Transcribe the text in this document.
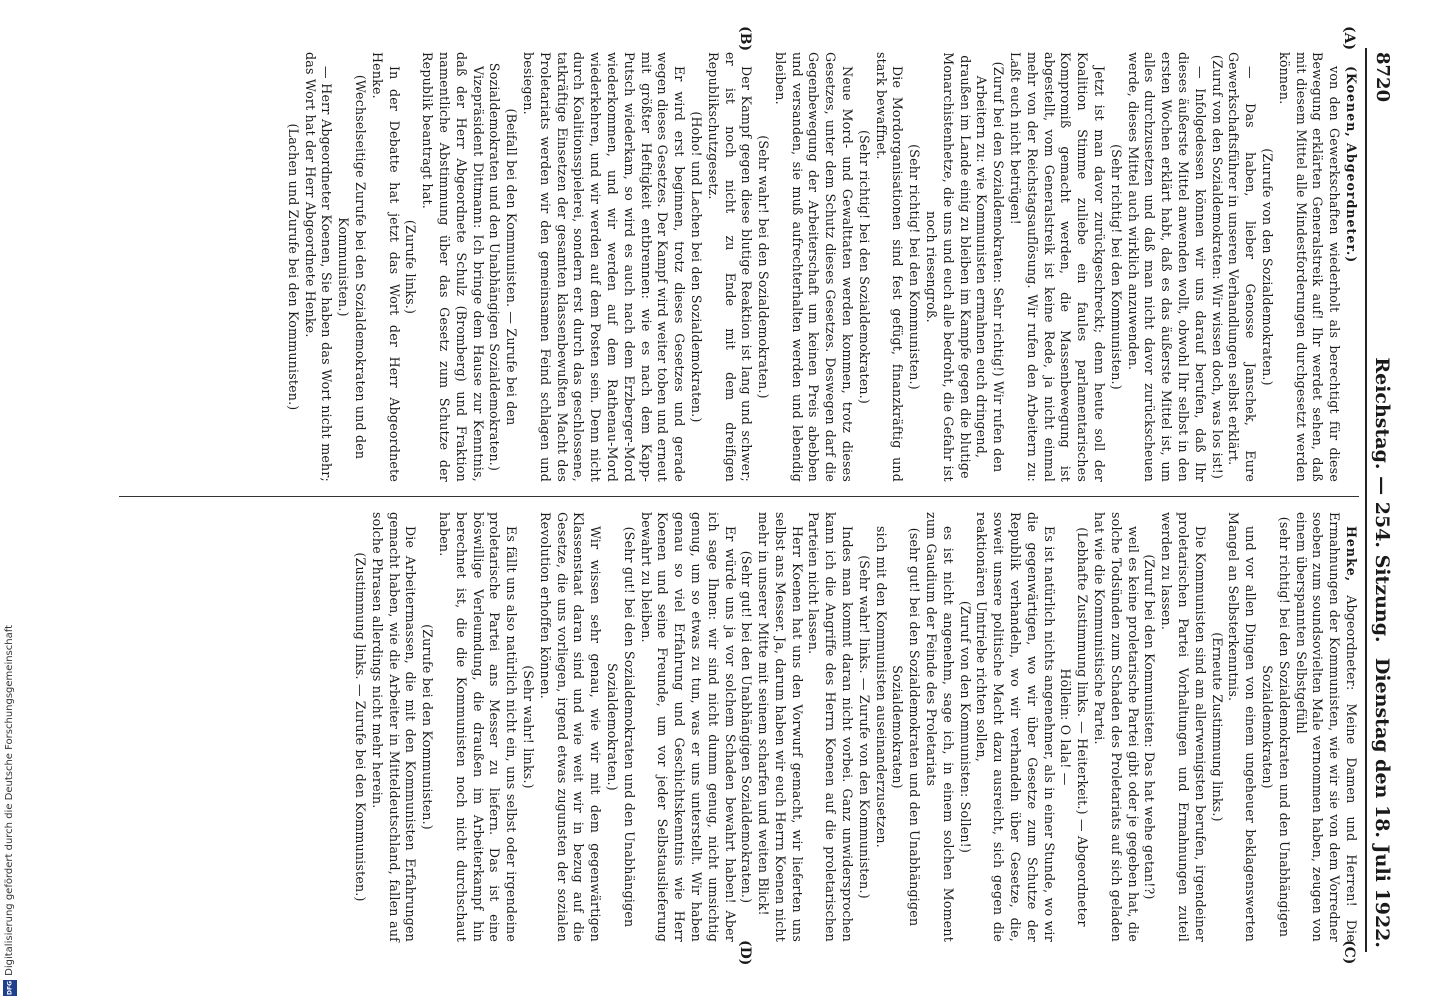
Digitalisierung gefördert durch die Deutsche Forschungsgemeinschaft
DFG
8720
Reichstag. — 254. Sitzung.
Dienstag den 18. Juli 1922.
(A)
(B)
(C)
(D)

(Koenen, Abgeordneter.)

von den Gewerkschaften wiederholt als berechtigt für diese Bewegung erklärten Generalstreik auf! Ihr werdet sehen, daß mit diesem Mittel alle Mindestforderungen durchgesetzt werden können.

(Zurufe von den Sozialdemokraten.)

— Das haben, lieber Genosse Janschek, Eure Gewerkschaftsführer in unseren Verhandlungen selbst erklärt.

(Zuruf von den Sozialdemokraten: Wir wissen doch, was los ist!)

— Infolgedessen können wir uns darauf berufen, daß Ihr dieses äußerste Mittel anwenden wollt, obwohl Ihr selbst in den ersten Wochen erklärt habt, daß es das äußerste Mittel ist, um alles durchzusetzen und daß man nicht davor zurückscheuen werde, dieses Mittel auch wirklich anzuwenden.

(Sehr richtig! bei den Kommunisten.)

Jetzt ist man davor zurückgeschreckt; denn heute soll der Koalition Stimme zuliebe ein faules parlamentarisches Kompromiß gemacht werden, die Massenbewegung ist abgestellt, vom Generalstreik ist keine Rede, ja nicht einmal mehr von der Reichstagsauflösung. Wir rufen den Arbeitern zu: Laßt euch nicht betrügen!

(Zuruf bei den Sozialdemokraten: Sehr richtig!) Wir rufen den Arbeitern zu: wie Kommunisten ermahnen euch dringend, draußen im Lande einig zu bleiben im Kampfe gegen die blutige Monarchistenhetze, die uns und euch alle bedroht, die Gefahr ist noch riesengroß.

(Sehr richtig! bei den Kommunisten.)

Die Mordorganisationen sind fest gefügt, finanzkräftig und stark bewaffnet.

(Sehr richtig! bei den Sozialdemokraten.)

Neue Mord- und Gewalttaten werden kommen, trotz dieses Gesetzes, unter dem Schutz dieses Gesetzes. Deswegen darf die Gegenbewegung der Arbeiterschaft um keinen Preis abebben und versanden, sie muß aufrechterhalten werden und lebendig bleiben.

(Sehr wahr! bei den Sozialdemokraten.)

Der Kampf gegen diese blutige Reaktion ist lang und schwer; er ist noch nicht zu Ende mit dem dreifigen Republikschutzgesetz.

(Hoho! und Lachen bei den Sozialdemokraten.)

Er wird erst beginnen, trotz dieses Gesetzes und gerade wegen dieses Gesetzes. Der Kampf wird weiter toben und erneut mit größter Heftigkeit entbrennen: wie es nach dem Kapp-Putsch wiederkam, so wird es auch nach dem Erzberger-Mord wiederkommen, und wir werden auf dem Rathenau-Mord wiederkehren, und wir werden auf dem Posten sein. Denn nicht durch Koalitionsspielerei, sondern erst durch das geschlossene, tatkräftige Einsetzen der gesamten klassenbewußten Macht des Proletariats werden wir den gemeinsamen Feind schlagen und besiegen.

(Beifall bei den Kommunisten. — Zurufe bei den Sozialdemokraten und den Unabhängigen Sozialdemokraten.)

Vizepräsident Dittmann: Ich bringe dem Hause zur Kenntnis, daß der Herr Abgeordnete Schulz (Bromberg) und Fraktion namentliche Abstimmung über das Gesetz zum Schutze der Republik beantragt hat.

(Zurufe links.)

In der Debatte hat jetzt das Wort der Herr Abgeordnete Henke.

(Wechselseitige Zurufe bei den Sozialdemokraten und den Kommunisten.)

— Herr Abgeordneter Koenen, Sie haben das Wort nicht mehr; das Wort hat der Herr Abgeordnete Henke.

(Lachen und Zurufe bei den Kommunisten.)

Henke, Abgeordneter: Meine Damen und Herren! Die Ermahnungen der Kommunisten, wie wir sie von dem Vorredner soeben zum soundsovielten Male vernommen haben, zeugen von einem überspannten Selbstgefühl

(sehr richtig! bei den Sozialdemokraten und den Unabhängigen Sozialdemokraten)

und vor allen Dingen von einem ungeheuer beklagenswerten Mangel an Selbsterkenntnis.

(Erneute Zustimmung links.)

Die Kommunisten sind am allerwenigsten berufen, irgendeiner proletarischen Partei Vorhaltungen und Ermahnungen zuteil werden zu lassen.

(Zuruf bei den Kommunisten: Das hat wehe getan!?)

weil es keine proletarische Partei gibt oder je gegeben hat, die solche Todsünden zum Schaden des Proletariats auf sich geladen hat wie die Kommunistische Partei.

(Lebhafte Zustimmung links. — Heiterkeit.) — Abgeordneter Höllein: O lala! —

Es ist natürlich nichts angenehmer, als in einer Stunde, wo wir die gegenwärtigen, wo wir über Gesetze zum Schutze der Republik verhandeln, wo wir verhandeln über Gesetze, die, soweit unsere politische Macht dazu ausreicht, sich gegen die reaktionären Umtriebe richten sollen,

(Zuruf von den Kommunisten: Sollen!)

es ist nicht angenehm, sage ich, in einem solchen Moment zum Gaudium der Feinde des Proletariats

(sehr gut! bei den Sozialdemokraten und den Unabhängigen Sozialdemokraten)

sich mit den Kommunisten auseinanderzusetzen.

(Sehr wahr! links. — Zurufe von den Kommunisten.)

Indes man kommt daran nicht vorbei. Ganz unwidersprochen kann ich die Angriffe des Herrn Koenen auf die proletarischen Parteien nicht lassen.

Herr Koenen hat uns den Vorwurf gemacht, wir lieferten uns selbst ans Messer. Ja, darum haben wir euch Herrn Koenen nicht mehr in unserer Mitte mit seinem scharfen und weiten Blick!

(Sehr gut! bei den Unabhängigen Sozialdemokraten.)

Er würde uns ja vor solchem Schaden bewahrt haben! Aber ich sage Ihnen: wir sind nicht dumm genug, nicht umsichtig genug, um so etwas zu tun, was er uns unterstellt. Wir haben genau so viel Erfahrung und Geschichtskenntnis wie Herr Koenen und seine Freunde, um vor jeder Selbstauslieferung bewahrt zu bleiben.

(Sehr gut! bei den Sozialdemokraten und den Unabhängigen Sozialdemokraten.)

Wir wissen sehr genau, wie wir mit dem gegenwärtigen Klassenstaat daran sind und wie weit wir in bezug auf die Gesetze, die uns vorliegen, irgend etwas zugunsten der sozialen Revolution erhoffen können.

(Sehr wahr! links.)

Es fällt uns also natürlich nicht ein, uns selbst oder irgendeine proletarische Partei ans Messer zu liefern. Das ist eine böswillige Verleumdung, die draußen im Arbeiterkampf hin berechnet ist, die die Kommunisten noch nicht durchschaut haben.

(Zurufe bei den Kommunisten.)

Die Arbeitermassen, die mit den Kommunisten Erfahrungen gemacht haben, wie die Arbeiter in Mitteldeutschland, fallen auf solche Phrasen allerdings nicht mehr herein.

(Zustimmung links. — Zurufe bei den Kommunisten.)
